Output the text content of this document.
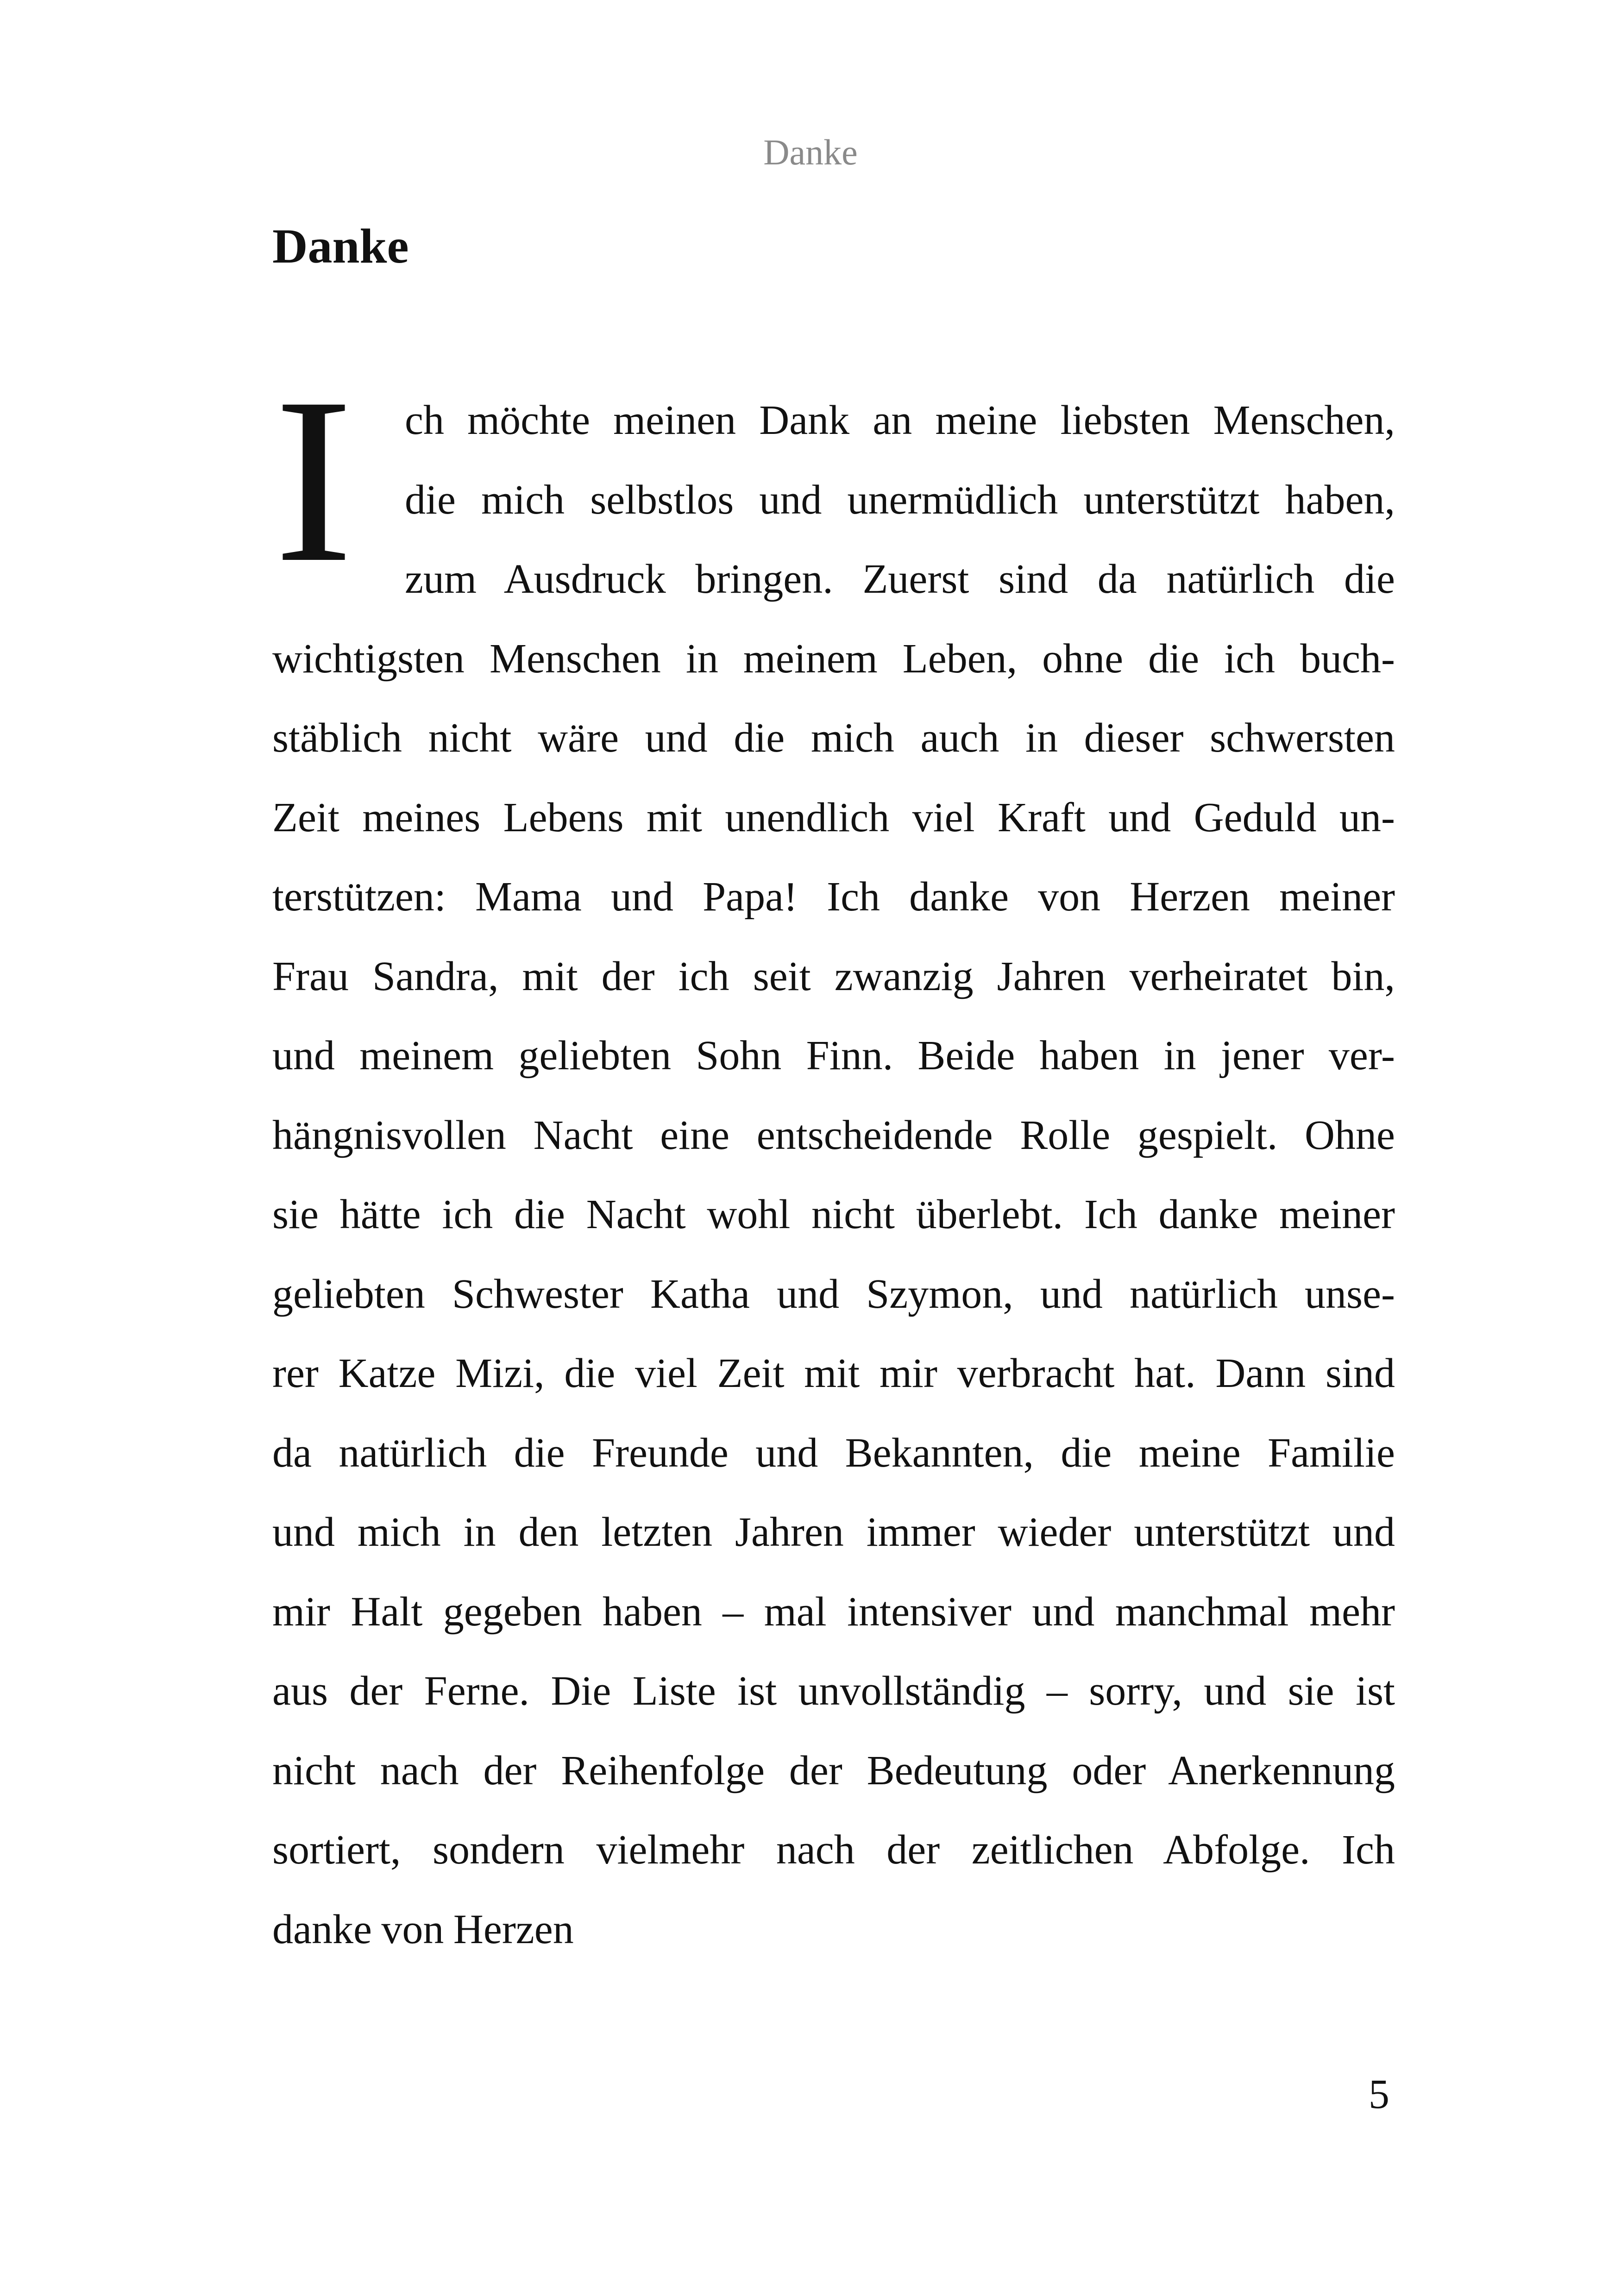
Danke
Danke
I	ch möchte meinen Dank an meine liebsten Menschen,
die mich selbstlos und unermüdlich unterstützt haben,
zum Ausdruck bringen. Zuerst sind da natürlich die
wichtigsten Menschen in meinem Leben, ohne die ich buch-
stäblich nicht wäre und die mich auch in dieser schwersten
Zeit meines Lebens mit unendlich viel Kraft und Geduld un-
terstützen: Mama und Papa! Ich danke von Herzen meiner
Frau Sandra, mit der ich seit zwanzig Jahren verheiratet bin,
und meinem geliebten Sohn Finn. Beide haben in jener ver-
hängnisvollen Nacht eine entscheidende Rolle gespielt. Ohne
sie hätte ich die Nacht wohl nicht überlebt. Ich danke meiner
geliebten Schwester Katha und Szymon, und natürlich unse-
rer Katze Mizi, die viel Zeit mit mir verbracht hat. Dann sind
da natürlich die Freunde und Bekannten, die meine Familie
und mich in den letzten Jahren immer wieder unterstützt und
mir Halt gegeben haben – mal intensiver und manchmal mehr
aus der Ferne. Die Liste ist unvollständig – sorry, und sie ist
nicht nach der Reihenfolge der Bedeutung oder Anerkennung
sortiert, sondern vielmehr nach der zeitlichen Abfolge. Ich
danke von Herzen
5
